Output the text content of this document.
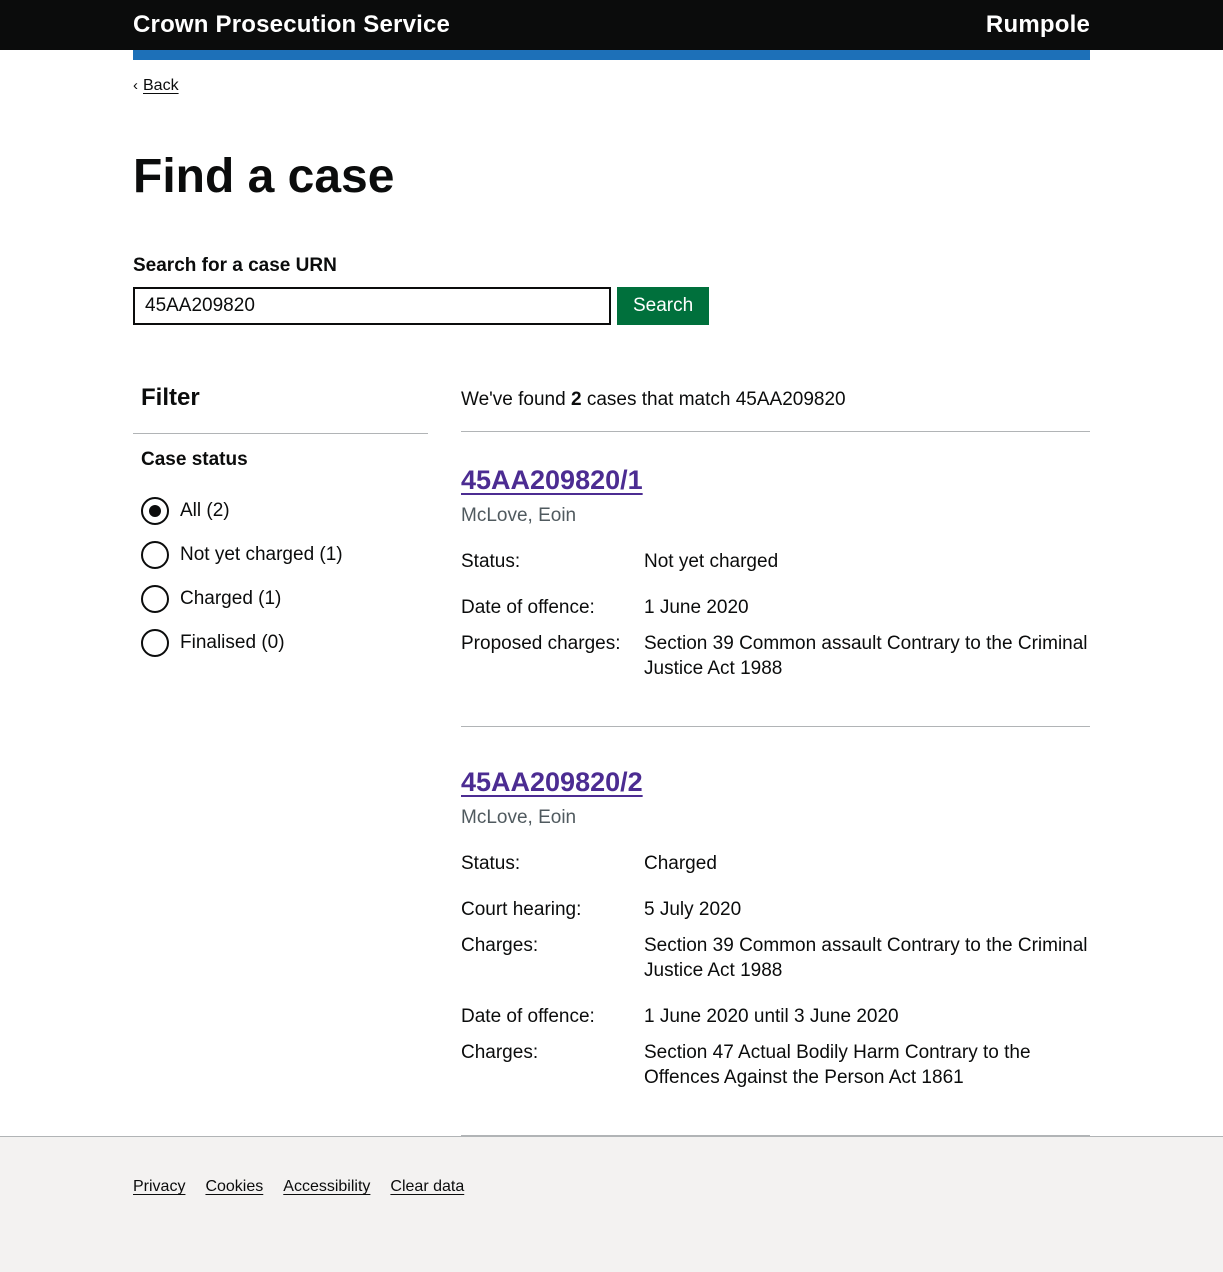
Crown Prosecution Service	Rumpole
‹ Back
Find a case
Search for a case URN
45AA209820
Search
Filter
Case status
All (2)
Not yet charged (1)
Charged (1)
Finalised (0)

We've found 2 cases that match 45AA209820

45AA209820/1

McLove, Eoin

Status:	Not yet charged
Date of offence:	1 June 2020
Proposed charges:	Section 39 Common assault Contrary to the Criminal Justice Act 1988
45AA209820/2

McLove, Eoin

Status:	Charged
Court hearing:	5 July 2020
Charges:	Section 39 Common assault Contrary to the Criminal Justice Act 1988
Date of offence:	1 June 2020 until 3 June 2020
Charges:	Section 47 Actual Bodily Harm Contrary to the Offences Against the Person Act 1861
Privacy Cookies Accessibility Clear data
